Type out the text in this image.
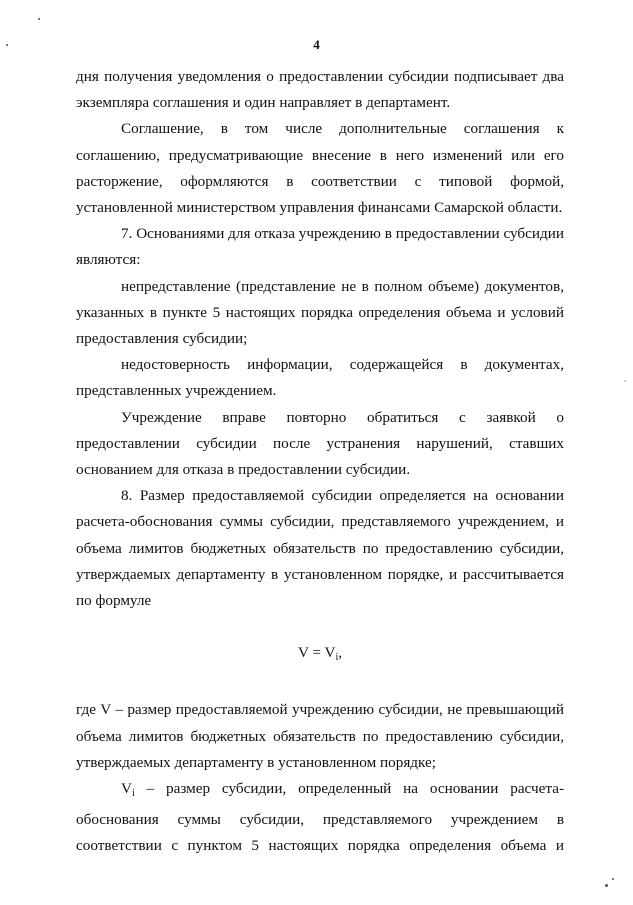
4

дня получения уведомления о предоставлении субсидии подписывает два
экземпляра соглашения и один направляет в департамент.

Соглашение, в том числе дополнительные соглашения к
соглашению, предусматривающие внесение в него изменений или его
расторжение, оформляются в соответствии с типовой формой,
установленной министерством управления финансами Самарской области.

7. Основаниями для отказа учреждению в предоставлении субсидии
являются:

непредставление (представление не в полном объеме) документов,
указанных в пункте 5 настоящих порядка определения объема и условий
предоставления субсидии;

недостоверность информации, содержащейся в документах,
представленных учреждением.

Учреждение вправе повторно обратиться с заявкой о
предоставлении субсидии после устранения нарушений, ставших
основанием для отказа в предоставлении субсидии.

8. Размер предоставляемой субсидии определяется на основании
расчета-обоснования суммы субсидии, представляемого учреждением, и
объема лимитов бюджетных обязательств по предоставлению субсидии,
утверждаемых департаменту в установленном порядке, и рассчитывается
по формуле

$V = V_i$,

где V – размер предоставляемой учреждению субсидии, не превышающий
объема лимитов бюджетных обязательств по предоставлению субсидии,
утверждаемых департаменту в установленном порядке;

$V_i$ – размер субсидии, определенный на основании расчета-
обоснования суммы субсидии, представляемого учреждением в
соответствии с пунктом 5 настоящих порядка определения объема и
